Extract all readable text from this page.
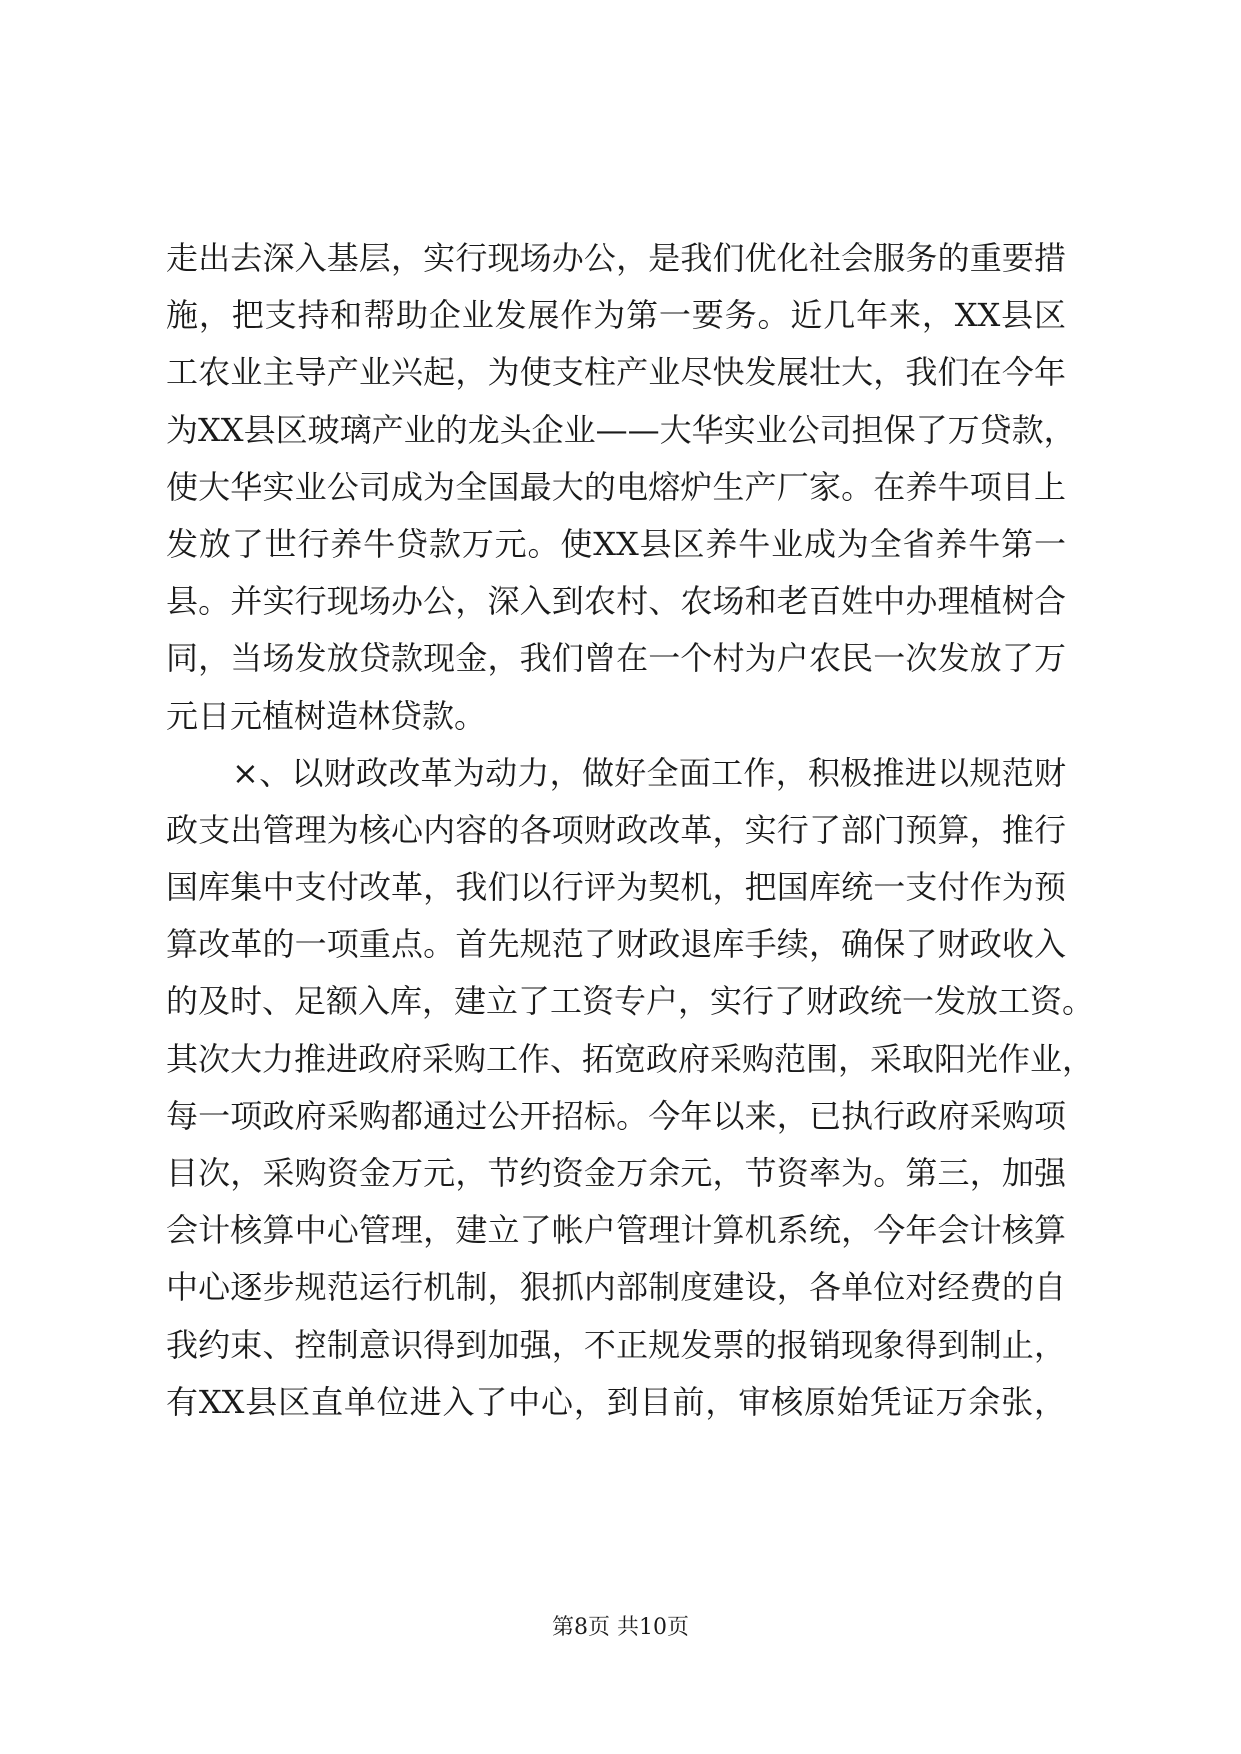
走出去深入基层，实行现场办公，是我们优化社会服务的重要措
施，把支持和帮助企业发展作为第一要务。近几年来，XX县区
工农业主导产业兴起，为使支柱产业尽快发展壮大，我们在今年
为XX县区玻璃产业的龙头企业——大华实业公司担保了万贷款，
使大华实业公司成为全国最大的电熔炉生产厂家。在养牛项目上
发放了世行养牛贷款万元。使XX县区养牛业成为全省养牛第一
县。并实行现场办公，深入到农村、农场和老百姓中办理植树合
同，当场发放贷款现金，我们曾在一个村为户农民一次发放了万
元日元植树造林贷款。
×、以财政改革为动力，做好全面工作，积极推进以规范财
政支出管理为核心内容的各项财政改革，实行了部门预算，推行
国库集中支付改革，我们以行评为契机，把国库统一支付作为预
算改革的一项重点。首先规范了财政退库手续，确保了财政收入
的及时、足额入库，建立了工资专户，实行了财政统一发放工资。
其次大力推进政府采购工作、拓宽政府采购范围，采取阳光作业，
每一项政府采购都通过公开招标。今年以来，已执行政府采购项
目次，采购资金万元，节约资金万余元，节资率为。第三，加强
会计核算中心管理，建立了帐户管理计算机系统，今年会计核算
中心逐步规范运行机制，狠抓内部制度建设，各单位对经费的自
我约束、控制意识得到加强，不正规发票的报销现象得到制止，
有XX县区直单位进入了中心，到目前，审核原始凭证万余张，
第8页 共10页
